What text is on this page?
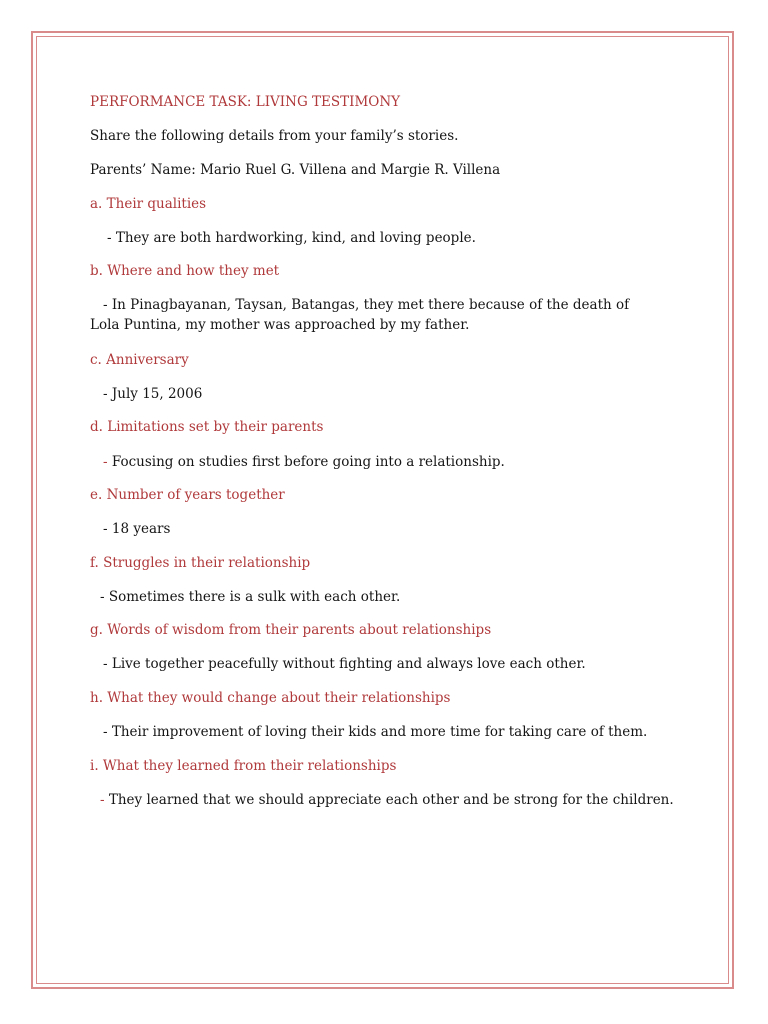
PERFORMANCE TASK: LIVING TESTIMONY
Share the following details from your family’s stories.
Parents’ Name: Mario Ruel G. Villena and Margie R. Villena
a. Their qualities
- They are both hardworking, kind, and loving people.
b. Where and how they met
- In Pinagbayanan, Taysan, Batangas, they met there because of the death of Lola Puntina, my mother was approached by my father.
c. Anniversary
- July 15, 2006
d. Limitations set by their parents
- Focusing on studies first before going into a relationship.
e. Number of years together
- 18 years
f. Struggles in their relationship
- Sometimes there is a sulk with each other.
g. Words of wisdom from their parents about relationships
- Live together peacefully without fighting and always love each other.
h. What they would change about their relationships
- Their improvement of loving their kids and more time for taking care of them.
i. What they learned from their relationships
- They learned that we should appreciate each other and be strong for the children.
